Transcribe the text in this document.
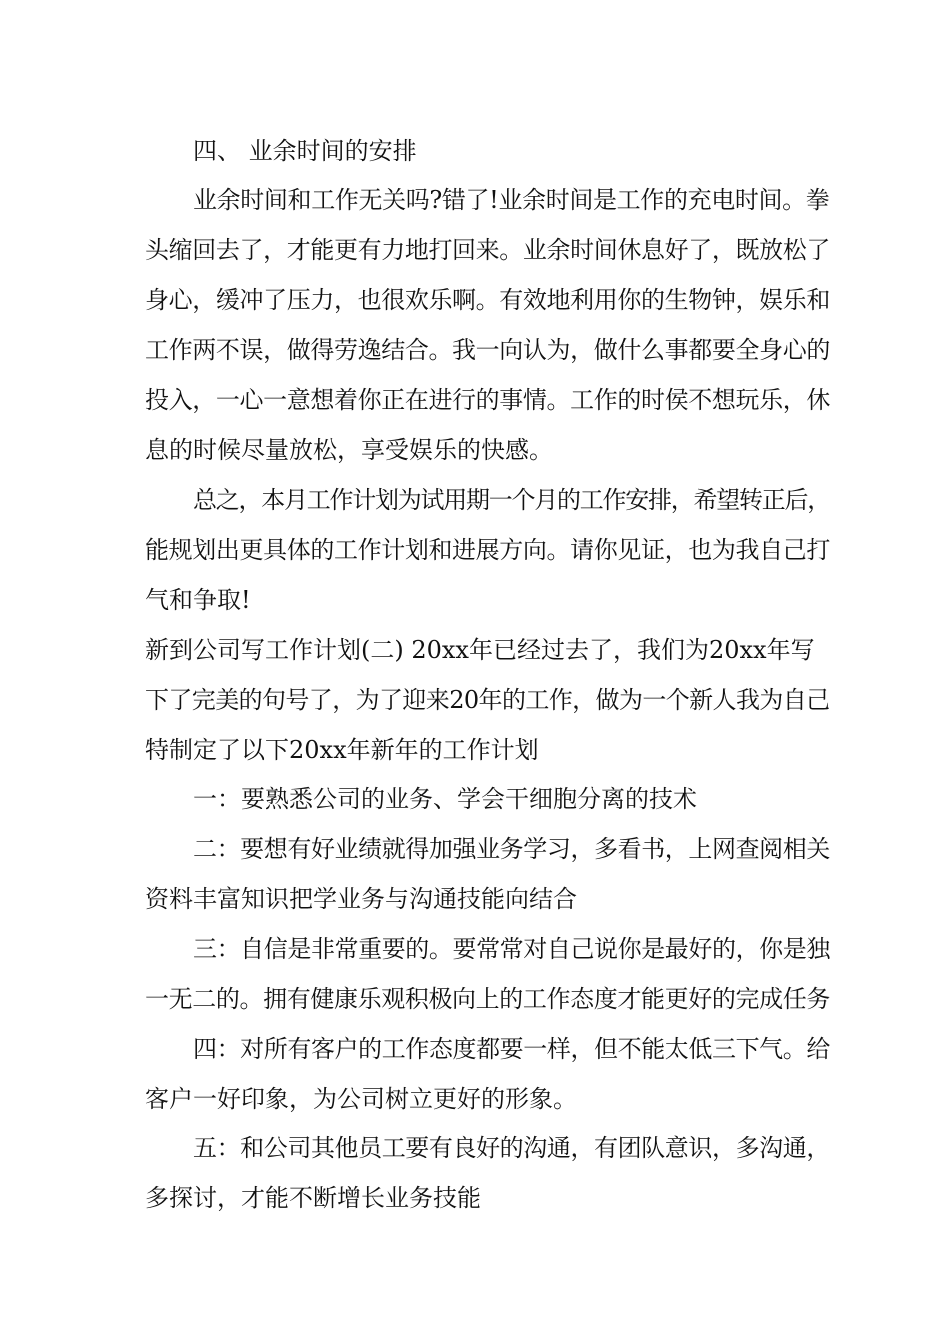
四、 业余时间的安排
业余时间和工作无关吗?错了!业余时间是工作的充电时间。拳
头缩回去了，才能更有力地打回来。业余时间休息好了，既放松了
身心，缓冲了压力，也很欢乐啊。有效地利用你的生物钟，娱乐和
工作两不误，做得劳逸结合。我一向认为，做什么事都要全身心的
投入，一心一意想着你正在进行的事情。工作的时侯不想玩乐，休
息的时候尽量放松，享受娱乐的快感。
总之，本月工作计划为试用期一个月的工作安排，希望转正后，
能规划出更具体的工作计划和进展方向。请你见证，也为我自己打
气和争取!
新到公司写工作计划(二) 20xx年已经过去了，我们为20xx年写
下了完美的句号了，为了迎来20年的工作，做为一个新人我为自己
特制定了以下20xx年新年的工作计划
一：要熟悉公司的业务、学会干细胞分离的技术
二：要想有好业绩就得加强业务学习，多看书，上网查阅相关
资料丰富知识把学业务与沟通技能向结合
三：自信是非常重要的。要常常对自己说你是最好的，你是独
一无二的。拥有健康乐观积极向上的工作态度才能更好的完成任务
四：对所有客户的工作态度都要一样，但不能太低三下气。给
客户一好印象，为公司树立更好的形象。
五：和公司其他员工要有良好的沟通，有团队意识，多沟通，
多探讨，才能不断增长业务技能
